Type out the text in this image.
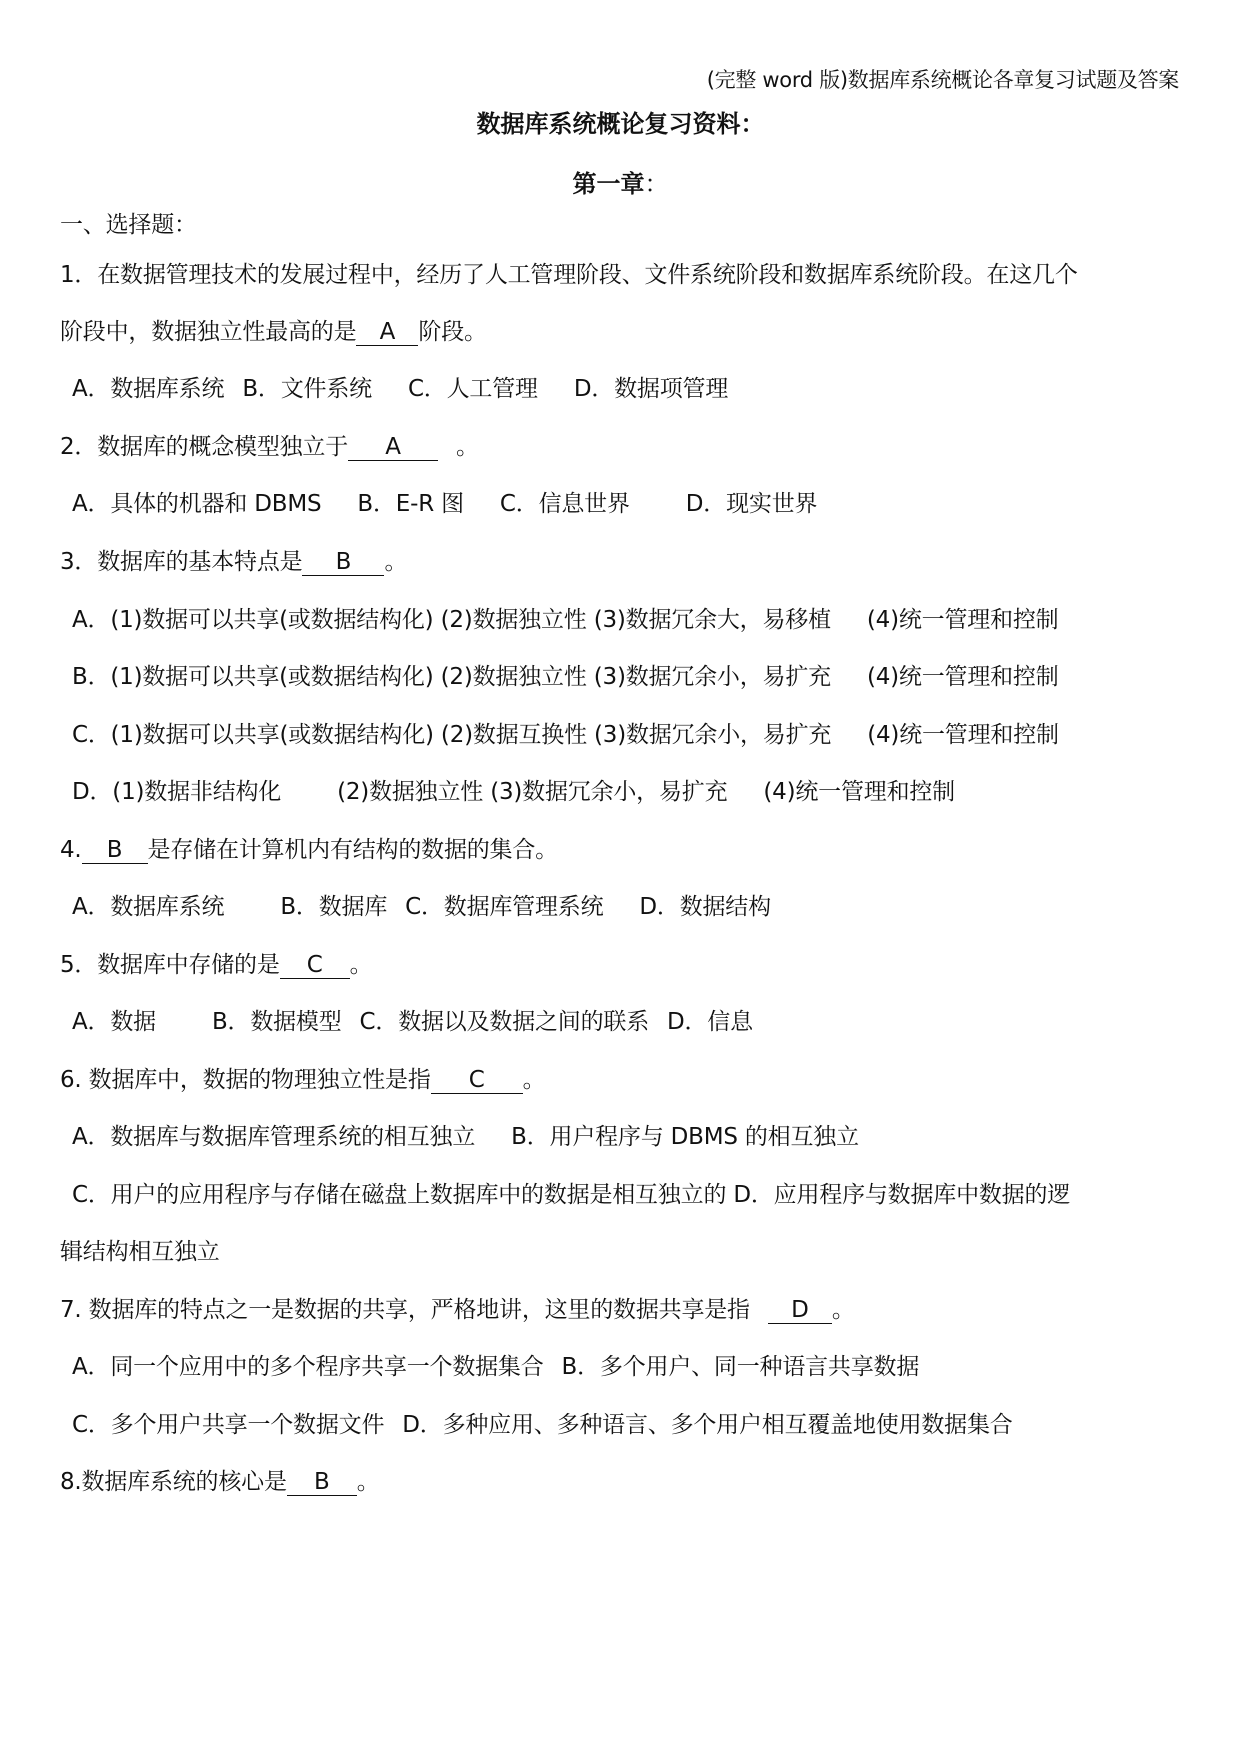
(完整 word 版)数据库系统概论各章复习试题及答案
数据库系统概论复习资料：
第一章：
一、选择题：
1．在数据管理技术的发展过程中，经历了人工管理阶段、文件系统阶段和数据库系统阶段。在这几个
阶段中，数据独立性最高的是 A 阶段。
A．数据库系统 B．文件系统 C．人工管理 D．数据项管理
2．数据库的概念模型独立于 A 。
A．具体的机器和 DBMS B．E-R 图 C．信息世界 D．现实世界
3．数据库的基本特点是 B 。
A．(1)数据可以共享(或数据结构化) (2)数据独立性 (3)数据冗余大，易移植 (4)统一管理和控制
B．(1)数据可以共享(或数据结构化) (2)数据独立性 (3)数据冗余小，易扩充 (4)统一管理和控制
C．(1)数据可以共享(或数据结构化) (2)数据互换性 (3)数据冗余小，易扩充 (4)统一管理和控制
D．(1)数据非结构化 (2)数据独立性 (3)数据冗余小，易扩充 (4)统一管理和控制
4. B 是存储在计算机内有结构的数据的集合。
A．数据库系统 B．数据库 C．数据库管理系统 D．数据结构
5．数据库中存储的是 C 。
A．数据 B．数据模型 C．数据以及数据之间的联系 D．信息
6. 数据库中，数据的物理独立性是指 C 。
A．数据库与数据库管理系统的相互独立 B．用户程序与 DBMS 的相互独立
C．用户的应用程序与存储在磁盘上数据库中的数据是相互独立的 D．应用程序与数据库中数据的逻
辑结构相互独立
7. 数据库的特点之一是数据的共享，严格地讲，这里的数据共享是指 D 。
A．同一个应用中的多个程序共享一个数据集合 B．多个用户、同一种语言共享数据
C．多个用户共享一个数据文件 D．多种应用、多种语言、多个用户相互覆盖地使用数据集合
8.数据库系统的核心是 B 。
